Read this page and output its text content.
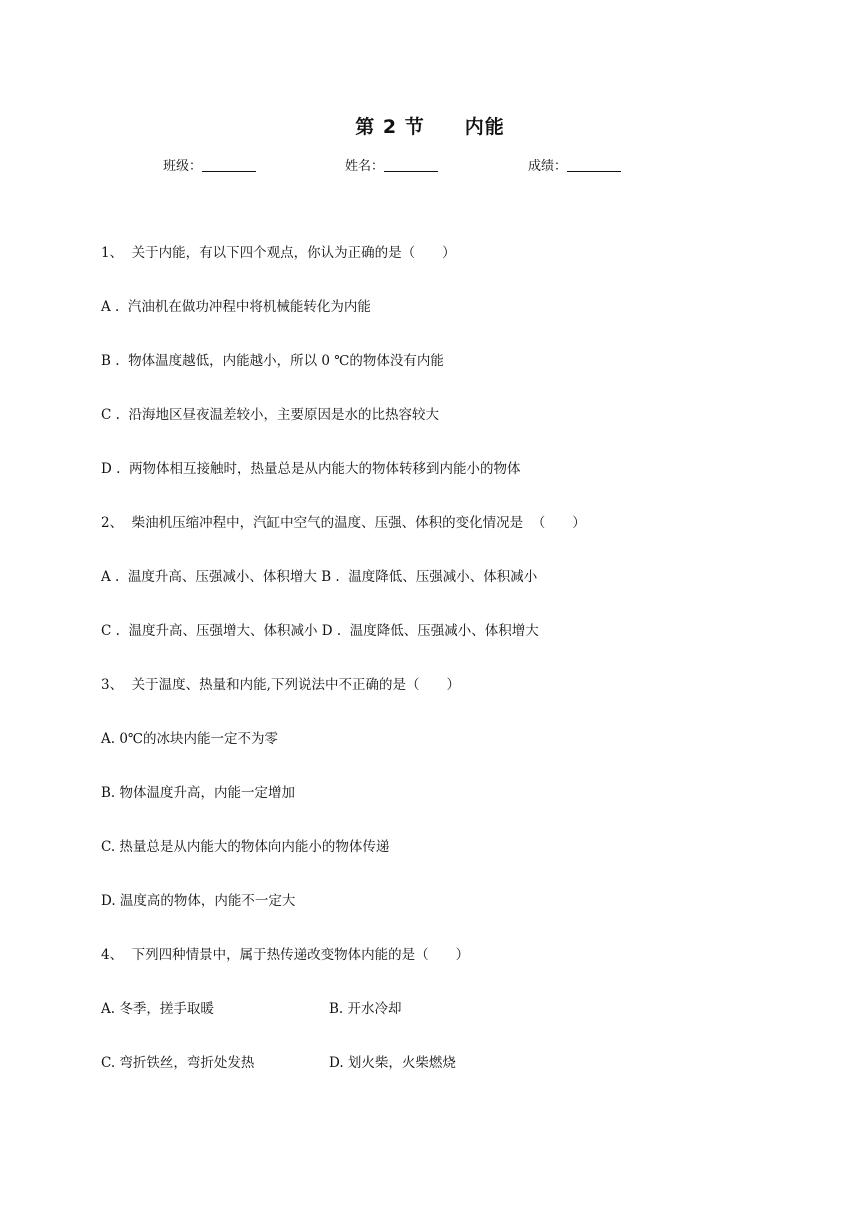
第 2 节　　内能
班级：	姓名：	成绩：
1、  关于内能，有以下四个观点，你认为正确的是（　　）
A .  汽油机在做功冲程中将机械能转化为内能
B .  物体温度越低，内能越小，所以 0 ℃的物体没有内能
C .  沿海地区昼夜温差较小，主要原因是水的比热容较大
D .  两物体相互接触时，热量总是从内能大的物体转移到内能小的物体
2、  柴油机压缩冲程中，汽缸中空气的温度、压强、体积的变化情况是  （　　）
A .  温度升高、压强减小、体积增大 B .  温度降低、压强减小、体积减小
C .  温度升高、压强增大、体积减小 D .  温度降低、压强减小、体积增大
3、  关于温度、热量和内能,下列说法中不正确的是（　　）
A. 0℃的冰块内能一定不为零
B. 物体温度升高，内能一定增加
C. 热量总是从内能大的物体向内能小的物体传递
D. 温度高的物体，内能不一定大
4、  下列四种情景中，属于热传递改变物体内能的是（　　）
A. 冬季，搓手取暖	B. 开水冷却
C. 弯折铁丝，弯折处发热	D. 划火柴，火柴燃烧
